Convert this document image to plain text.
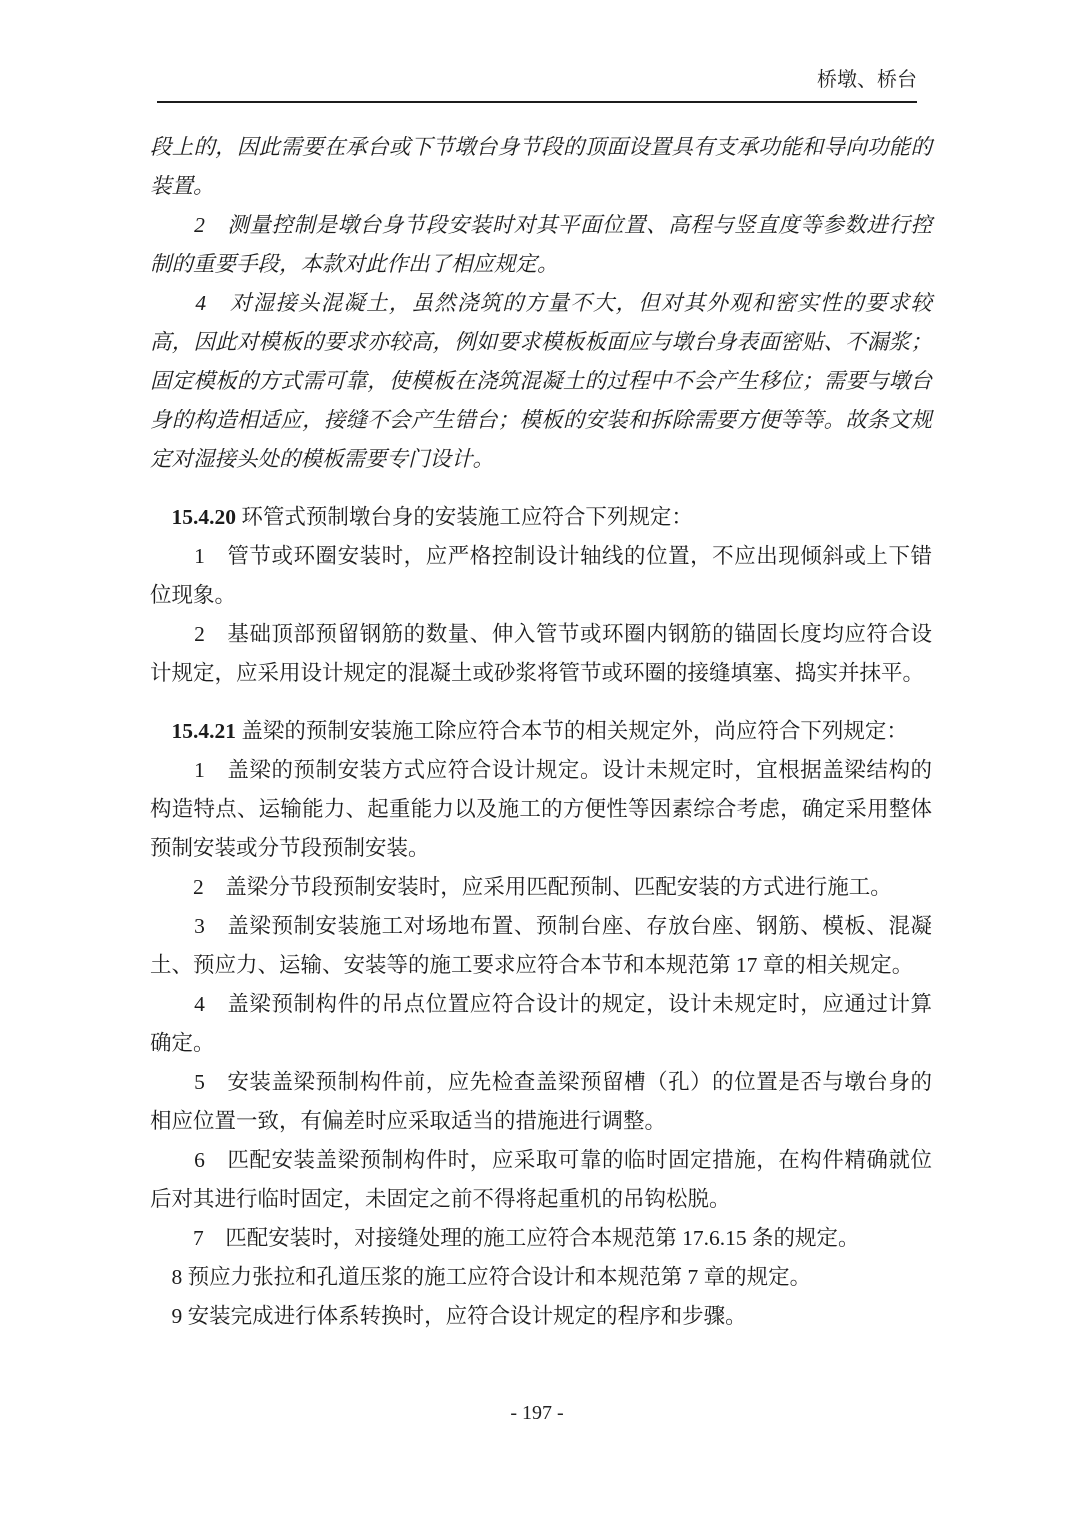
桥墩、桥台

段上的，因此需要在承台或下节墩台身节段的顶面设置具有支承功能和导向功能的装置。

　　2　测量控制是墩台身节段安装时对其平面位置、高程与竖直度等参数进行控制的重要手段，本款对此作出了相应规定。

　　4　对湿接头混凝土，虽然浇筑的方量不大，但对其外观和密实性的要求较高，因此对模板的要求亦较高，例如要求模板板面应与墩台身表面密贴、不漏浆；固定模板的方式需可靠，使模板在浇筑混凝土的过程中不会产生移位；需要与墩台身的构造相适应，接缝不会产生错台；模板的安装和拆除需要方便等等。故条文规定对湿接头处的模板需要专门设计。

　15.4.20 环管式预制墩台身的安装施工应符合下列规定：

　　1　管节或环圈安装时，应严格控制设计轴线的位置，不应出现倾斜或上下错位现象。

　　2　基础顶部预留钢筋的数量、伸入管节或环圈内钢筋的锚固长度均应符合设计规定，应采用设计规定的混凝土或砂浆将管节或环圈的接缝填塞、捣实并抹平。

　15.4.21 盖梁的预制安装施工除应符合本节的相关规定外，尚应符合下列规定：

　　1　盖梁的预制安装方式应符合设计规定。设计未规定时，宜根据盖梁结构的构造特点、运输能力、起重能力以及施工的方便性等因素综合考虑，确定采用整体预制安装或分节段预制安装。

　　2　盖梁分节段预制安装时，应采用匹配预制、匹配安装的方式进行施工。

　　3　盖梁预制安装施工对场地布置、预制台座、存放台座、钢筋、模板、混凝土、预应力、运输、安装等的施工要求应符合本节和本规范第 17 章的相关规定。

　　4　盖梁预制构件的吊点位置应符合设计的规定，设计未规定时，应通过计算确定。

　　5　安装盖梁预制构件前，应先检查盖梁预留槽（孔）的位置是否与墩台身的相应位置一致，有偏差时应采取适当的措施进行调整。

　　6　匹配安装盖梁预制构件时，应采取可靠的临时固定措施，在构件精确就位后对其进行临时固定，未固定之前不得将起重机的吊钩松脱。

　　7　匹配安装时，对接缝处理的施工应符合本规范第 17.6.15 条的规定。

　8 预应力张拉和孔道压浆的施工应符合设计和本规范第 7 章的规定。

　9 安装完成进行体系转换时，应符合设计规定的程序和步骤。

- 197 -
